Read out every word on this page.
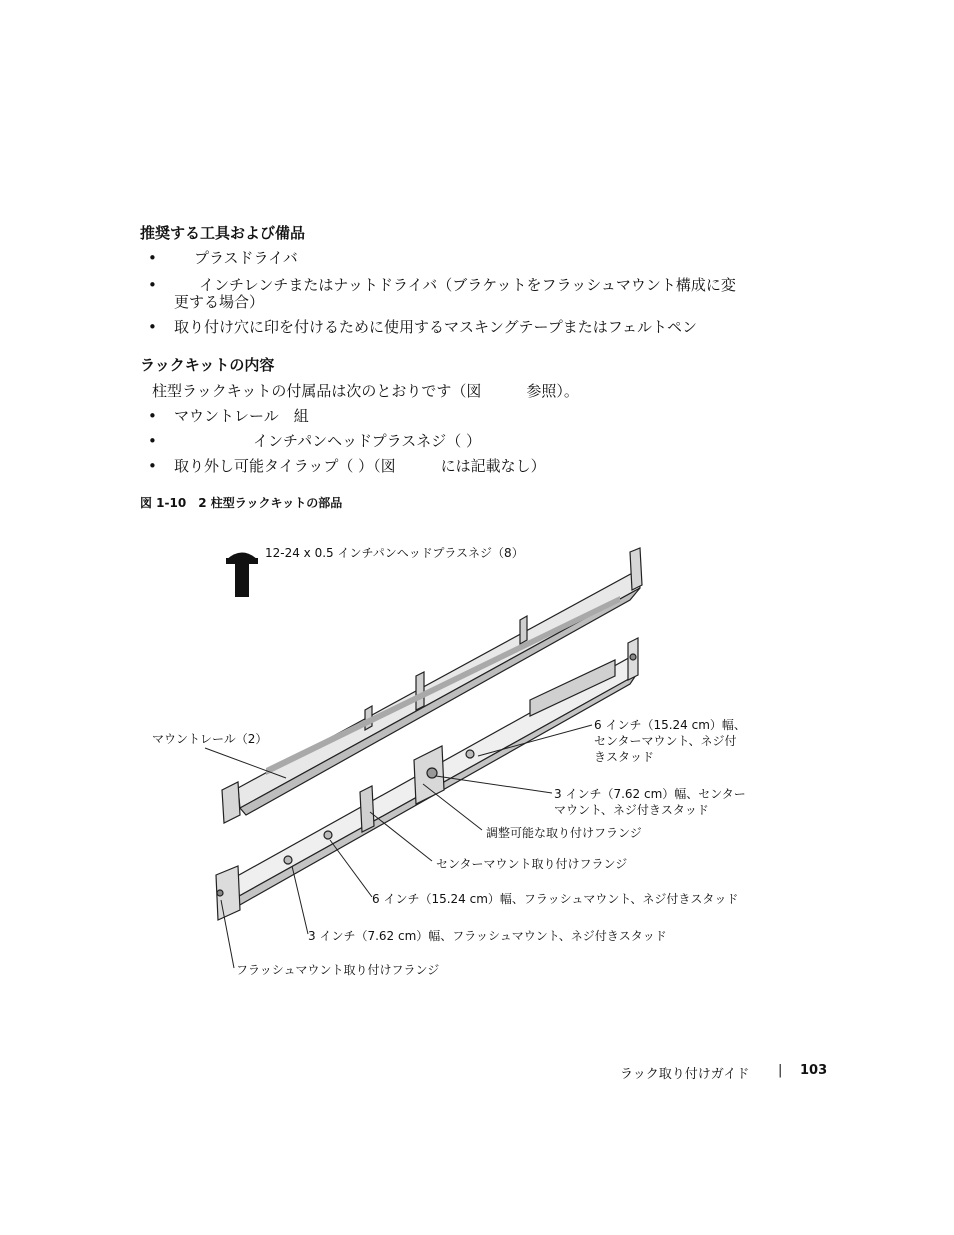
推奨する工具および備品
• プラスドライバ
•	インチレンチまたはナットドライバ（ブラケットをフラッシュマウント構成に変
更する場合）
• 取り付け穴に印を付けるために使用するマスキングテープまたはフェルトペン
ラックキットの内容
柱型ラックキットの付属品は次のとおりです（図　　　参照）。
• マウントレール　組
•	インチパンヘッドプラスネジ（ ）
• 取り外し可能タイラップ（ ）（図　　　には記載なし）
図 1-10　2 柱型ラックキットの部品
12-24 x 0.5 インチパンヘッドプラスネジ（8）
マウントレール（2）
6 インチ（15.24 cm）幅、
センターマウント、ネジ付
きスタッド
3 インチ（7.62 cm）幅、センター
マウント、ネジ付きスタッド
調整可能な取り付けフランジ
センターマウント取り付けフランジ
6 インチ（15.24 cm）幅、フラッシュマウント、ネジ付きスタッド
3 インチ（7.62 cm）幅、フラッシュマウント、ネジ付きスタッド
フラッシュマウント取り付けフランジ
ラック取り付けガイド | 103
